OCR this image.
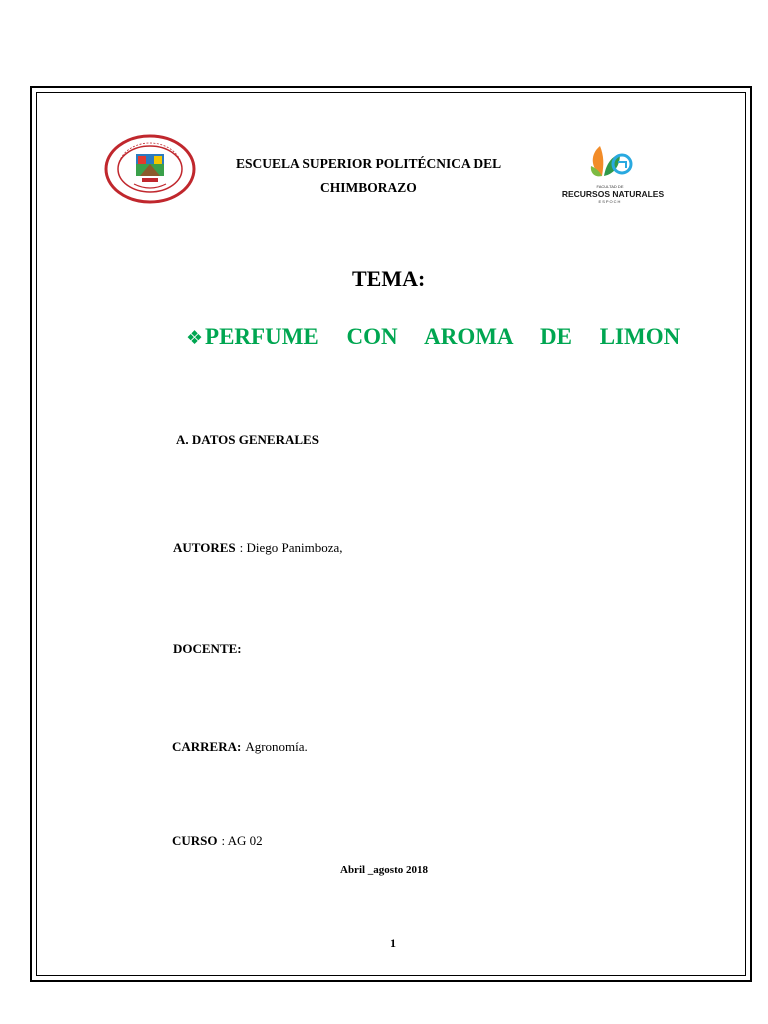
FACULTAD DE
RECURSOS NATURALES
ESPOCH
ESCUELA SUPERIOR POLITÉCNICA DEL
CHIMBORAZO
TEMA:
❖PERFUME CON AROMA DE LIMON
A. DATOS GENERALES
AUTORES : Diego Panimboza,
DOCENTE:
CARRERA: Agronomía.
CURSO : AG 02
Abril _agosto 2018
1
